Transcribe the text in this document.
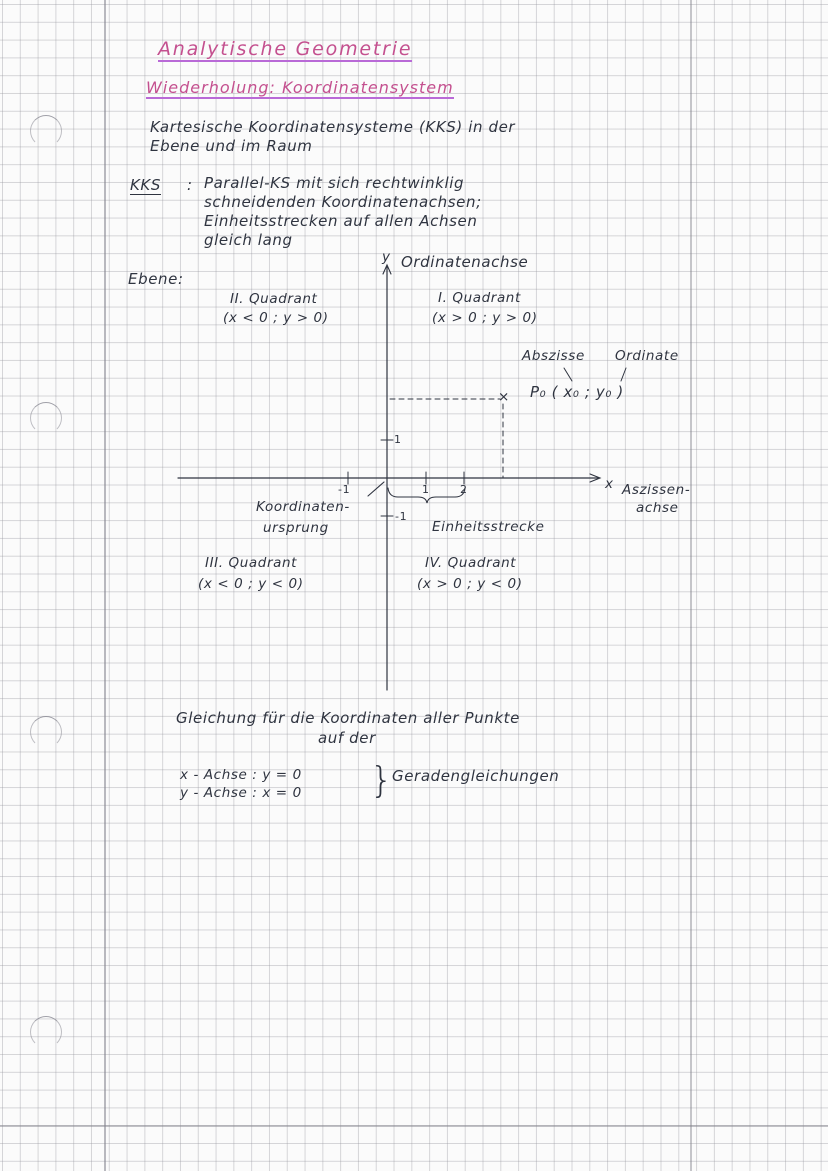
Analytische Geometrie

Wiederholung: Koordinatensystem

Kartesische Koordinatensysteme (KKS) in der

Ebene und im Raum

KKS : Parallel-KS mit sich rechtwinklig

schneidenden Koordinatenachsen;

Einheitsstrecken auf allen Achsen

gleich lang

Ebene:

y Ordinatenachse

x Aszissen-

achse

II. Quadrant

(x < 0 ; y > 0)

I. Quadrant

(x > 0 ; y > 0)

III. Quadrant

(x < 0 ; y < 0)

IV. Quadrant

(x > 0 ; y < 0)

Abszisse Ordinate

P₀ ( x₀ ; y₀ )

×

-1	1	2

1

-1

Koordinaten-

ursprung	Einheitsstrecke

Gleichung für die Koordinaten aller Punkte

auf der

x - Achse : y = 0

y - Achse : x = 0 }

Geradengleichungen
